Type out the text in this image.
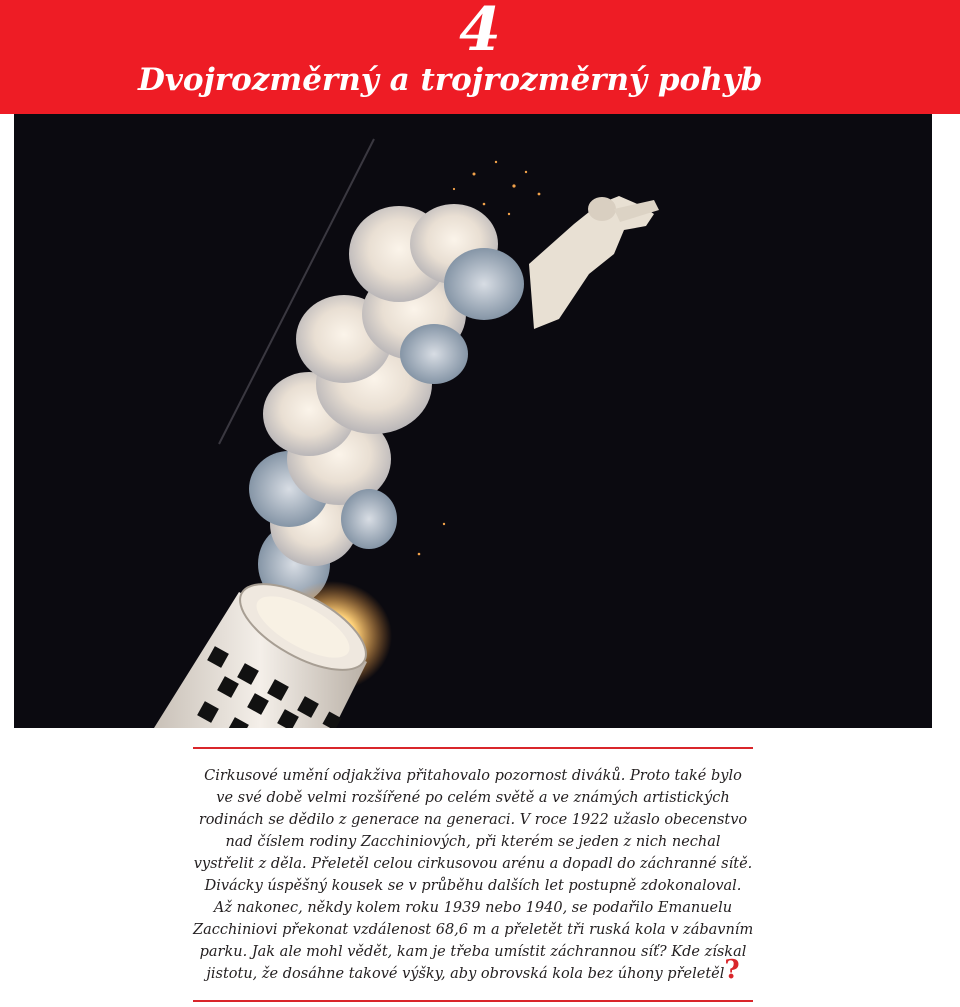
4
Dvojrozměrný a trojrozměrný pohyb
Cirkusové umění odjakživa přitahovalo pozornost diváků. Proto také bylo
ve své době velmi rozšířené po celém světě a ve známých artistických
rodinách se dědilo z generace na generaci. V roce 1922 užaslo obecenstvo
nad číslem rodiny Zacchiniových, při kterém se jeden z nich nechal
vystřelit z děla. Přeletěl celou cirkusovou arénu a dopadl do záchranné sítě.
Divácky úspěšný kousek se v průběhu dalších let postupně zdokonaloval.
Až nakonec, někdy kolem roku 1939 nebo 1940, se podařilo Emanuelu
Zacchiniovi překonat vzdálenost 68,6 m a přeletět tři ruská kola v zábavním
parku. Jak ale mohl vědět, kam je třeba umístit záchrannou síť? Kde získal
jistotu, že dosáhne takové výšky, aby obrovská kola bez úhony přeletěl?
